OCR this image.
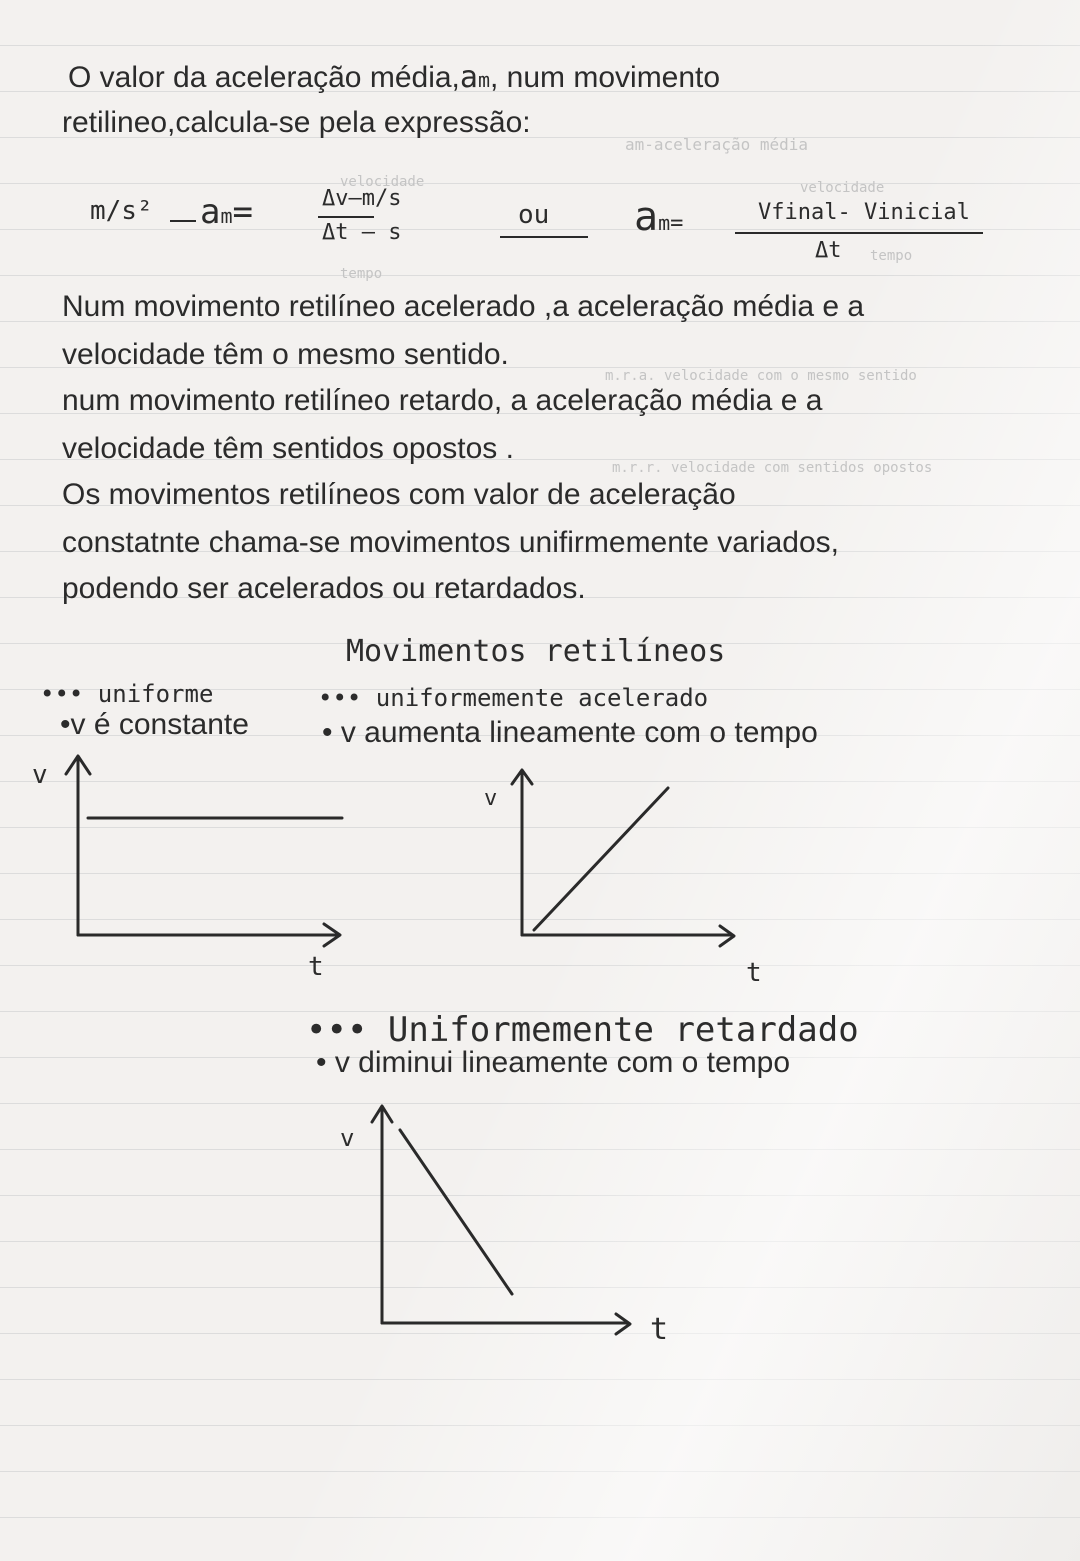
O valor da aceleração média,am, num movimento
retilineo,calcula-se pela expressão:
am-aceleração média
velocidade
m/s² am=	Δv—m/s
Δt — s
tempo
ou
velocidade
am=	Vfinal- Vinicial
Δt tempo
Num movimento retilíneo acelerado ,a aceleração média e a
velocidade têm o mesmo sentido.
m.r.a. velocidade com o mesmo sentido
num movimento retilíneo retardo, a aceleração média e a
velocidade têm sentidos opostos .
m.r.r. velocidade com sentidos opostos
Os movimentos retilíneos com valor de aceleração
constatnte chama-se movimentos unifirmemente variados,
podendo ser acelerados ou retardados.
Movimentos retilíneos
••• uniforme
•v é constante
••• uniformemente acelerado
• v aumenta lineamente com o tempo
v
t
v
t
••• Uniformemente retardado
• v diminui lineamente com o tempo
v
t
